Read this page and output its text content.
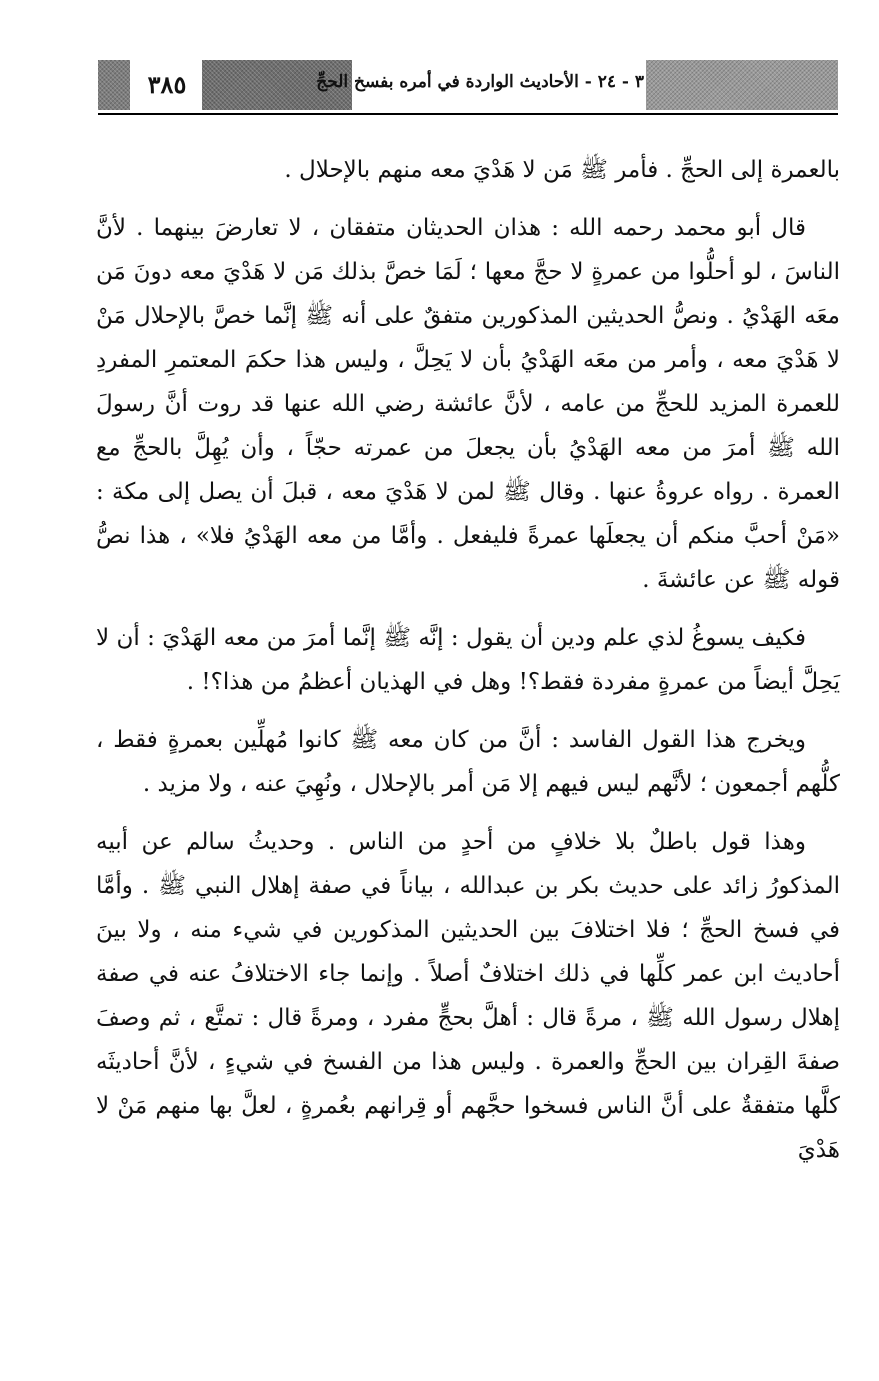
٣٨٥	٣ - ٢٤ - الأحاديث الواردة في أمره بفسخ الحجِّ

بالعمرة إلى الحجِّ . فأمر ﷺ مَن لا هَدْيَ معه منهم بالإحلال .

قال أبو محمد رحمه الله : هذان الحديثان متفقان ، لا تعارضَ بينهما . لأنَّ الناسَ ، لو أحلُّوا من عمرةٍ لا حجَّ معها ؛ لَمَا خصَّ بذلك مَن لا هَدْيَ معه دونَ مَن معَه الهَدْيُ . ونصُّ الحديثين المذكورين متفقٌ على أنه ﷺ إنَّما خصَّ بالإحلال مَنْ لا هَدْيَ معه ، وأمر من معَه الهَدْيُ بأن لا يَحِلَّ ، وليس هذا حكمَ المعتمرِ المفردِ للعمرة المزيد للحجِّ من عامه ، لأنَّ عائشة رضي الله عنها قد روت أنَّ رسولَ الله ﷺ أمرَ من معه الهَدْيُ بأن يجعلَ من عمرته حجّاً ، وأن يُهِلَّ بالحجِّ مع العمرة . رواه عروةُ عنها . وقال ﷺ لمن لا هَدْيَ معه ، قبلَ أن يصل إلى مكة : «مَنْ أحبَّ منكم أن يجعلَها عمرةً فليفعل . وأمَّا من معه الهَدْيُ فلا» ، هذا نصُّ قوله ﷺ عن عائشةَ .

فكيف يسوغُ لذي علم ودين أن يقول : إنَّه ﷺ إنَّما أمرَ من معه الهَدْيَ : أن لا يَحِلَّ أيضاً من عمرةٍ مفردة فقط؟! وهل في الهذيان أعظمُ من هذا؟! .

ويخرج هذا القول الفاسد : أنَّ من كان معه ﷺ كانوا مُهلِّين بعمرةٍ فقط ، كلُّهم أجمعون ؛ لأنَّهم ليس فيهم إلا مَن أمر بالإحلال ، ونُهِيَ عنه ، ولا مزيد .

وهذا قول باطلٌ بلا خلافٍ من أحدٍ من الناس . وحديثُ سالم عن أبيه المذكورُ زائد على حديث بكر بن عبدالله ، بياناً في صفة إهلال النبي ﷺ . وأمَّا في فسخ الحجِّ ؛ فلا اختلافَ بين الحديثين المذكورين في شيء منه ، ولا بينَ أحاديث ابن عمر كلِّها في ذلك اختلافٌ أصلاً . وإنما جاء الاختلافُ عنه في صفة إهلال رسول الله ﷺ ، مرةً قال : أهلَّ بحجٍّ مفرد ، ومرةً قال : تمتَّع ، ثم وصفَ صفةَ القِران بين الحجِّ والعمرة . وليس هذا من الفسخ في شيءٍ ، لأنَّ أحاديثَه كلَّها متفقةٌ على أنَّ الناس فسخوا حجَّهم أو قِرانهم بعُمرةٍ ، لعلَّ بها منهم مَنْ لا هَدْيَ
